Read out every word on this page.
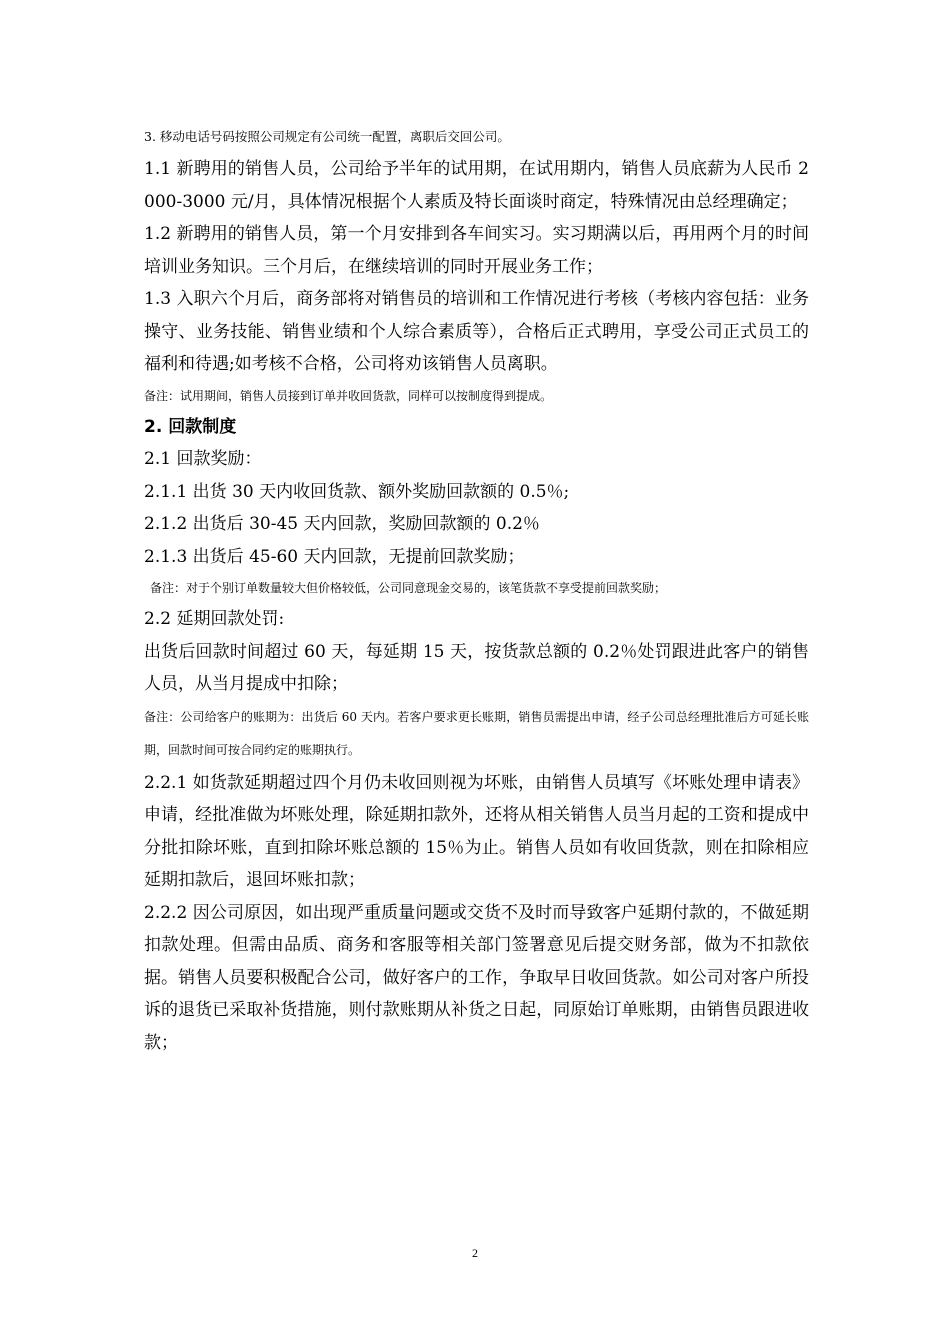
3. 移动电话号码按照公司规定有公司统一配置，离职后交回公司。

1.1 新聘用的销售人员，公司给予半年的试用期，在试用期内，销售人员底薪为人民币 2000-3000 元/月，具体情况根据个人素质及特长面谈时商定，特殊情况由总经理确定；

1.2 新聘用的销售人员，第一个月安排到各车间实习。实习期满以后，再用两个月的时间培训业务知识。三个月后，在继续培训的同时开展业务工作；

1.3 入职六个月后，商务部将对销售员的培训和工作情况进行考核（考核内容包括：业务操守、业务技能、销售业绩和个人综合素质等），合格后正式聘用，享受公司正式员工的福利和待遇;如考核不合格，公司将劝该销售人员离职。

备注：试用期间，销售人员接到订单并收回货款，同样可以按制度得到提成。

2. 回款制度

2.1 回款奖励：

2.1.1 出货 30 天内收回货款、额外奖励回款额的 0.5％;

2.1.2 出货后 30-45 天内回款，奖励回款额的 0.2％

2.1.3 出货后 45-60 天内回款，无提前回款奖励；

备注：对于个别订单数量较大但价格较低，公司同意现金交易的，该笔货款不享受提前回款奖励；

2.2 延期回款处罚:

出货后回款时间超过 60 天，每延期 15 天，按货款总额的 0.2％处罚跟进此客户的销售人员，从当月提成中扣除；

备注：公司给客户的账期为：出货后 60 天内。若客户要求更长账期，销售员需提出申请，经子公司总经理批准后方可延长账期，回款时间可按合同约定的账期执行。

2.2.1 如货款延期超过四个月仍未收回则视为坏账，由销售人员填写《坏账处理申请表》申请，经批准做为坏账处理，除延期扣款外，还将从相关销售人员当月起的工资和提成中分批扣除坏账，直到扣除坏账总额的 15％为止。销售人员如有收回货款，则在扣除相应延期扣款后，退回坏账扣款；

2.2.2 因公司原因，如出现严重质量问题或交货不及时而导致客户延期付款的，不做延期扣款处理。但需由品质、商务和客服等相关部门签署意见后提交财务部，做为不扣款依据。销售人员要积极配合公司，做好客户的工作，争取早日收回货款。如公司对客户所投诉的退货已采取补货措施，则付款账期从补货之日起，同原始订单账期，由销售员跟进收款；

2
